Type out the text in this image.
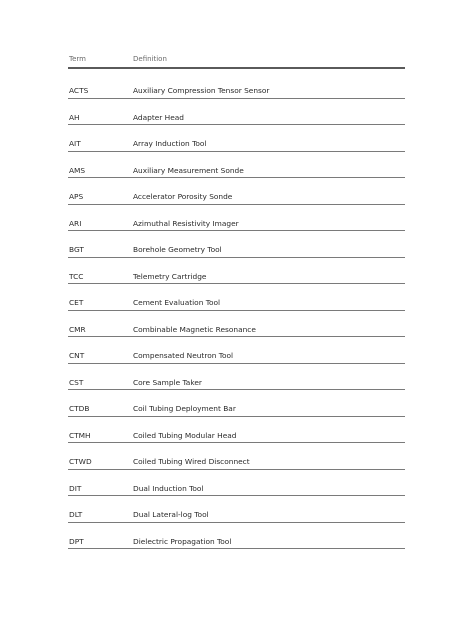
Term	Definition
ACTS	Auxiliary Compression Tensor Sensor
AH	Adapter Head
AIT	Array Induction Tool
AMS	Auxiliary Measurement Sonde
APS	Accelerator Porosity Sonde
ARI	Azimuthal Resistivity Imager
BGT	Borehole Geometry Tool
TCC	Telemetry Cartridge
CET	Cement Evaluation Tool
CMR	Combinable Magnetic Resonance
CNT	Compensated Neutron Tool
CST	Core Sample Taker
CTDB	Coil Tubing Deployment Bar
CTMH	Coiled Tubing Modular Head
CTWD	Coiled Tubing Wired Disconnect
DIT	Dual Induction Tool
DLT	Dual Lateral-log Tool
DPT	Dielectric Propagation Tool
